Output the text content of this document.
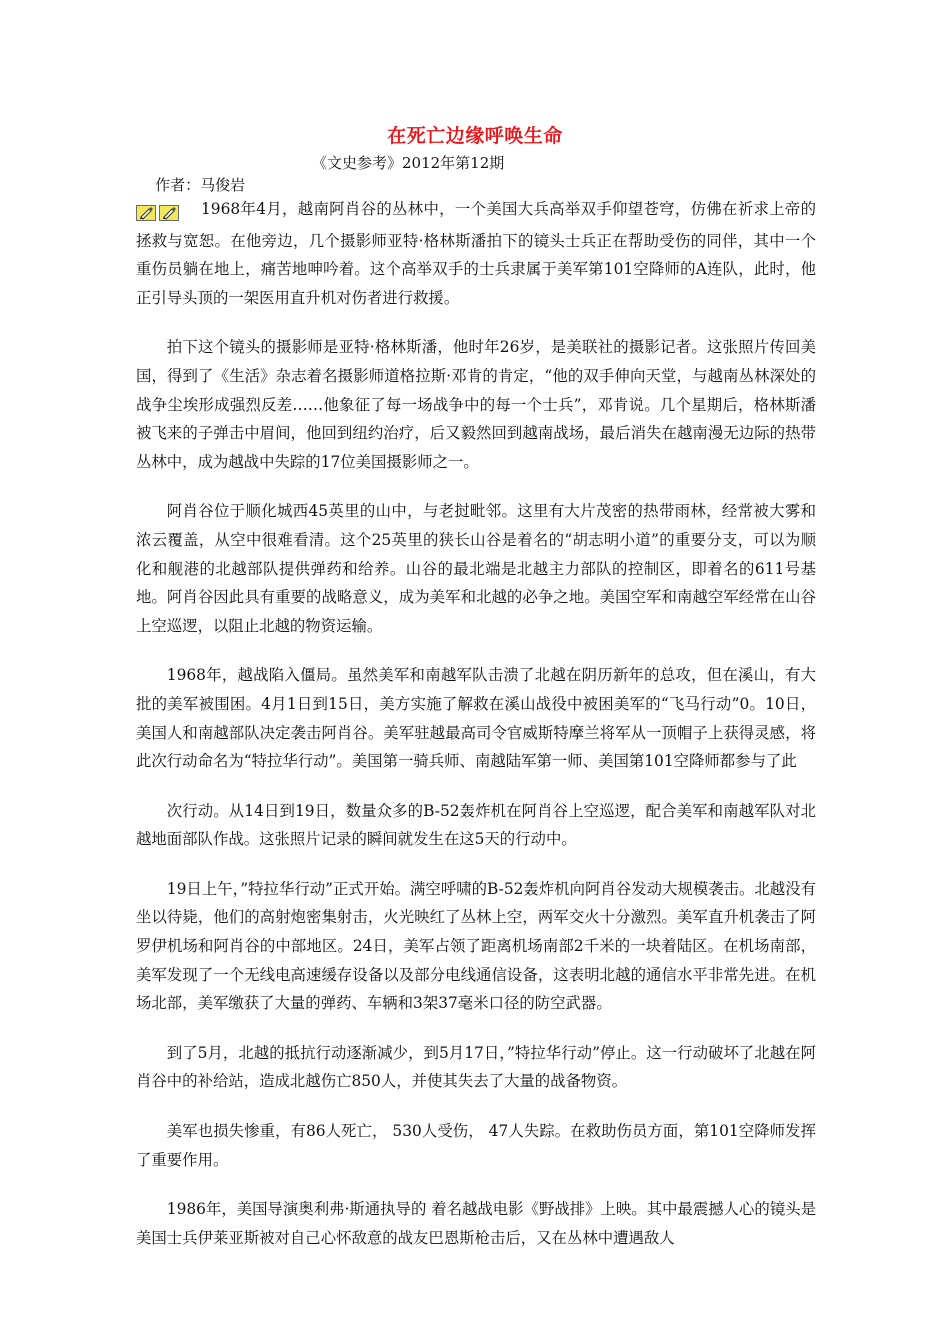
在死亡边缘呼唤生命

作者：马俊岩

《文史参考》2012年第12期

1968年4月，越南阿肖谷的丛林中，一个美国大兵高举双手仰望苍穹，仿佛在祈求上帝的拯救与宽恕。在他旁边，几个摄影师亚特·格林斯潘拍下的镜头士兵正在帮助受伤的同伴，其中一个重伤员躺在地上，痛苦地呻吟着。这个高举双手的士兵隶属于美军第101空降师的A连队，此时，他正引导头顶的一架医用直升机对伤者进行救援。

拍下这个镜头的摄影师是亚特·格林斯潘，他时年26岁，是美联社的摄影记者。这张照片传回美国，得到了《生活》杂志着名摄影师道格拉斯·邓肯的肯定，“他的双手伸向天堂，与越南丛林深处的战争尘埃形成强烈反差……他象征了每一场战争中的每一个士兵”，邓肯说。几个星期后，格林斯潘被飞来的子弹击中眉间，他回到纽约治疗，后又毅然回到越南战场，最后消失在越南漫无边际的热带丛林中，成为越战中失踪的17位美国摄影师之一。

阿肖谷位于顺化城西45英里的山中，与老挝毗邻。这里有大片茂密的热带雨林，经常被大雾和浓云覆盖，从空中很难看清。这个25英里的狭长山谷是着名的“胡志明小道”的重要分支，可以为顺化和舰港的北越部队提供弹药和给养。山谷的最北端是北越主力部队的控制区，即着名的611号基地。阿肖谷因此具有重要的战略意义，成为美军和北越的必争之地。美国空军和南越空军经常在山谷上空巡逻，以阻止北越的物资运输。

1968年，越战陷入僵局。虽然美军和南越军队击溃了北越在阴历新年的总攻，但在溪山，有大批的美军被围困。4月1日到15日，美方实施了解救在溪山战役中被困美军的“飞马行动”0。10日，美国人和南越部队决定袭击阿肖谷。美军驻越最高司令官威斯特摩兰将军从一顶帽子上获得灵感，将此次行动命名为“特拉华行动”。美国第一骑兵师、南越陆军第一师、美国第101空降师都参与了此

次行动。从14日到19日，数量众多的B-52轰炸机在阿肖谷上空巡逻，配合美军和南越军队对北越地面部队作战。这张照片记录的瞬间就发生在这5天的行动中。

19日上午，”特拉华行动”正式开始。满空呼啸的B-52轰炸机向阿肖谷发动大规模袭击。北越没有坐以待毙，他们的高射炮密集射击，火光映红了丛林上空，两军交火十分激烈。美军直升机袭击了阿罗伊机场和阿肖谷的中部地区。24日，美军占领了距离机场南部2千米的一块着陆区。在机场南部，美军发现了一个无线电高速缓存设备以及部分电线通信设备，这表明北越的通信水平非常先进。在机场北部，美军缴获了大量的弹药、车辆和3架37毫米口径的防空武器。

到了5月，北越的抵抗行动逐渐减少，到5月17日，”特拉华行动”停止。这一行动破坏了北越在阿肖谷中的补给站，造成北越伤亡850人，并使其失去了大量的战备物资。

美军也损失惨重，有86人死亡， 530人受伤， 47人失踪。在救助伤员方面，第101空降师发挥了重要作用。

1986年，美国导演奥利弗·斯通执导的 着名越战电影《野战排》上映。其中最震撼人心的镜头是美国士兵伊莱亚斯被对自己心怀敌意的战友巴恩斯枪击后，又在丛林中遭遇敌人
